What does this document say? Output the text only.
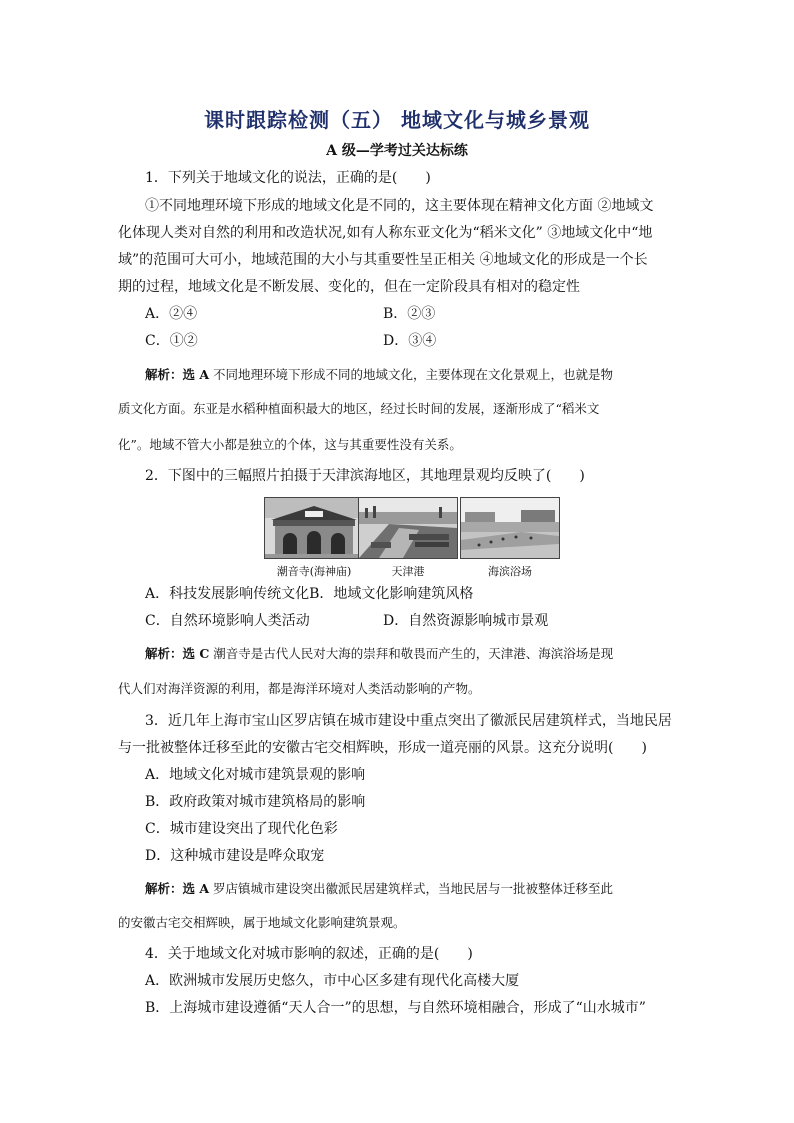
课时跟踪检测（五） 地域文化与城乡景观
A 级—学考过关达标练
1．下列关于地域文化的说法，正确的是(　　)
①不同地理环境下形成的地域文化是不同的，这主要体现在精神文化方面 ②地域文
化体现人类对自然的利用和改造状况,如有人称东亚文化为“稻米文化” ③地域文化中“地
域”的范围可大可小，地域范围的大小与其重要性呈正相关 ④地域文化的形成是一个长
期的过程，地域文化是不断发展、变化的，但在一定阶段具有相对的稳定性
A．②④	B．②③
C．①②	D．③④
解析：选 A 不同地理环境下形成不同的地域文化，主要体现在文化景观上，也就是物
质文化方面。东亚是水稻种植面积最大的地区，经过长时间的发展，逐渐形成了“稻米文
化”。地域不管大小都是独立的个体，这与其重要性没有关系。
2．下图中的三幅照片拍摄于天津滨海地区，其地理景观均反映了(　　)
潮音寺(海神庙)	天津港	海滨浴场
A．科技发展影响传统文化B．地域文化影响建筑风格
C．自然环境影响人类活动	D．自然资源影响城市景观
解析：选 C 潮音寺是古代人民对大海的崇拜和敬畏而产生的，天津港、海滨浴场是现
代人们对海洋资源的利用，都是海洋环境对人类活动影响的产物。
3．近几年上海市宝山区罗店镇在城市建设中重点突出了徽派民居建筑样式，当地民居
与一批被整体迁移至此的安徽古宅交相辉映，形成一道亮丽的风景。这充分说明(　　)
A．地域文化对城市建筑景观的影响
B．政府政策对城市建筑格局的影响
C．城市建设突出了现代化色彩
D．这种城市建设是哗众取宠
解析：选 A 罗店镇城市建设突出徽派民居建筑样式，当地民居与一批被整体迁移至此
的安徽古宅交相辉映，属于地域文化影响建筑景观。
4．关于地域文化对城市影响的叙述，正确的是(　　)
A．欧洲城市发展历史悠久，市中心区多建有现代化高楼大厦
B．上海城市建设遵循“天人合一”的思想，与自然环境相融合，形成了“山水城市”
